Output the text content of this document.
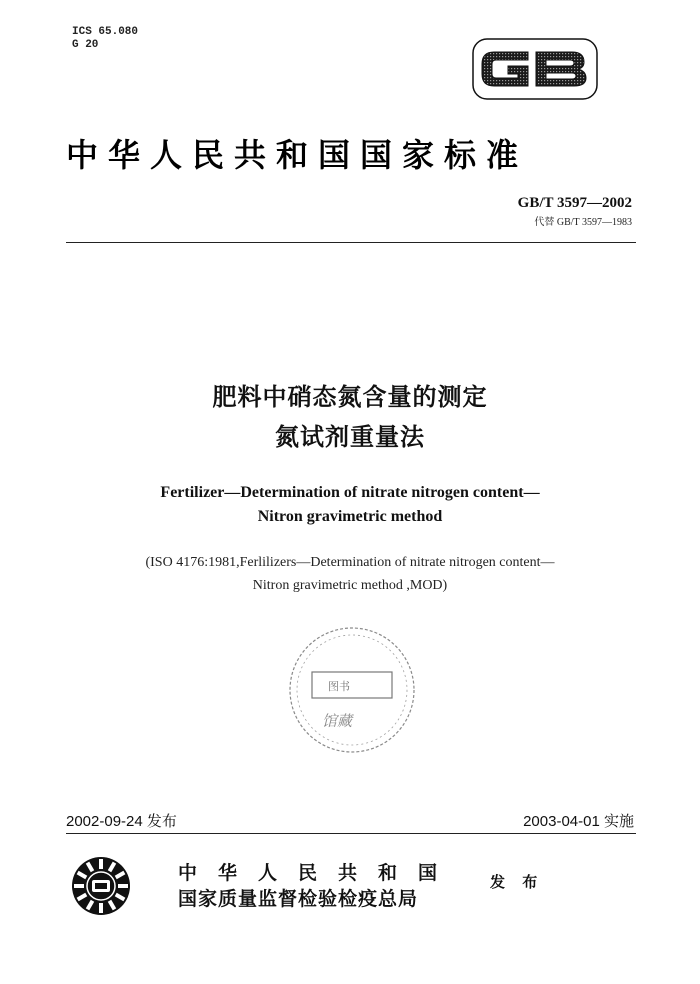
ICS 65.080
G 20
中华人民共和国国家标准
GB/T 3597—2002
代替 GB/T 3597—1983
肥料中硝态氮含量的测定
氮试剂重量法
Fertilizer—Determination of nitrate nitrogen content—
Nitron gravimetric method
(ISO 4176:1981,Ferlilizers—Determination of nitrate nitrogen content—
Nitron gravimetric method ,MOD)
图书
馆藏
2002-09-24 发布	2003-04-01 实施
中华人民共和国
国家质量监督检验检疫总局
发 布
